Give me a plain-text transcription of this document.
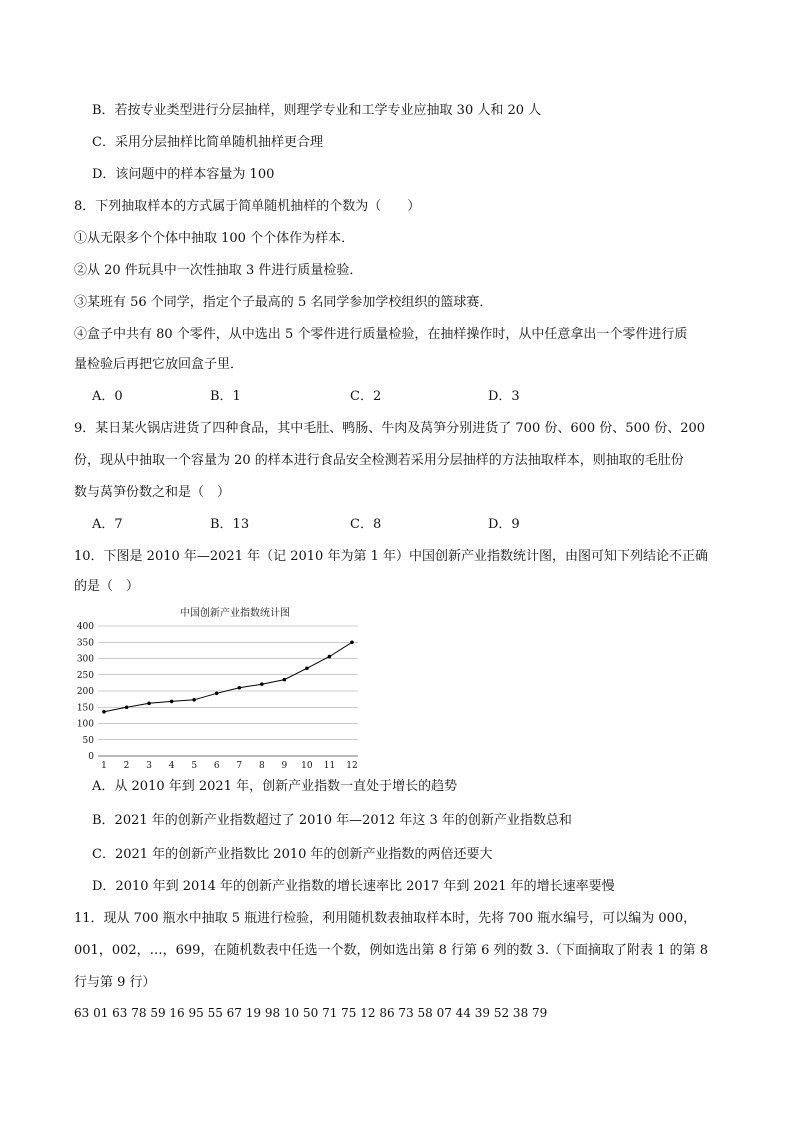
B．若按专业类型进行分层抽样，则理学专业和工学专业应抽取 30 人和 20 人
C．采用分层抽样比简单随机抽样更合理
D．该问题中的样本容量为 100
8．下列抽取样本的方式属于简单随机抽样的个数为（　　）
①从无限多个个体中抽取 100 个个体作为样本．
②从 20 件玩具中一次性抽取 3 件进行质量检验．
③某班有 56 个同学，指定个子最高的 5 名同学参加学校组织的篮球赛．
④盒子中共有 80 个零件，从中选出 5 个零件进行质量检验，在抽样操作时，从中任意拿出一个零件进行质
量检验后再把它放回盒子里．
A．0	B．1	C．2	D．3
9．某日某火锅店进货了四种食品，其中毛肚、鸭肠、牛肉及莴笋分别进货了 700 份、600 份、500 份、200
份，现从中抽取一个容量为 20 的样本进行食品安全检测若采用分层抽样的方法抽取样本，则抽取的毛肚份
数与莴笋份数之和是（　）
A．7	B．13	C．8	D．9
10．下图是 2010 年—2021 年（记 2010 年为第 1 年）中国创新产业指数统计图，由图可知下列结论不正确
的是（　）
中国创新产业指数统计图
0
50
100
150
200
250
300
350
400
1 2 3 4 5 6 7 8 9 10 11 12
A．从 2010 年到 2021 年，创新产业指数一直处于增长的趋势
B．2021 年的创新产业指数超过了 2010 年—2012 年这 3 年的创新产业指数总和
C．2021 年的创新产业指数比 2010 年的创新产业指数的两倍还要大
D．2010 年到 2014 年的创新产业指数的增长速率比 2017 年到 2021 年的增长速率要慢
11．现从 700 瓶水中抽取 5 瓶进行检验，利用随机数表抽取样本时，先将 700 瓶水编号，可以编为 000，
001，002，…，699，在随机数表中任选一个数，例如选出第 8 行第 6 列的数 3.（下面摘取了附表 1 的第 8
行与第 9 行）
63 01 63 78 59 16 95 55 67 19 98 10 50 71 75 12 86 73 58 07 44 39 52 38 79
